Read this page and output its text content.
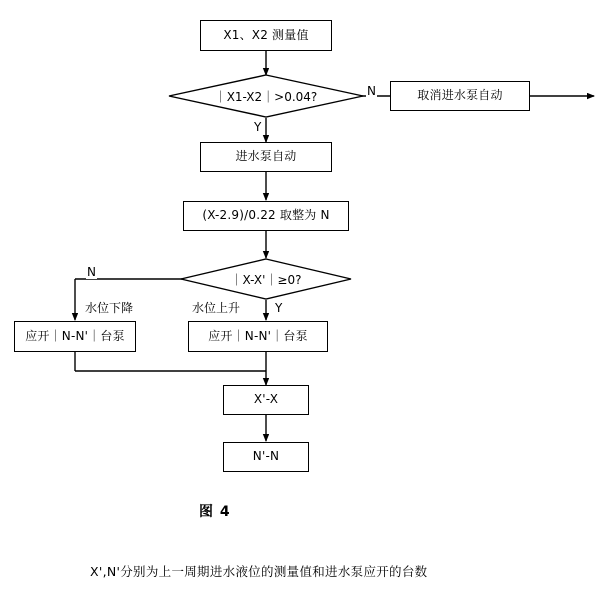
X1、X2 测量值
｜X1-X2｜>0.04?	取消进水泵自动
进水泵自动
(X-2.9)/0.22 取整为 N
｜X-X'｜≥0?
应开｜N-N'｜台泵	应开｜N-N'｜台泵
X'-X
N'-N
N
Y
N
Y
水位下降	水位上升
图 4
X',N'分别为上一周期进水液位的测量值和进水泵应开的台数
